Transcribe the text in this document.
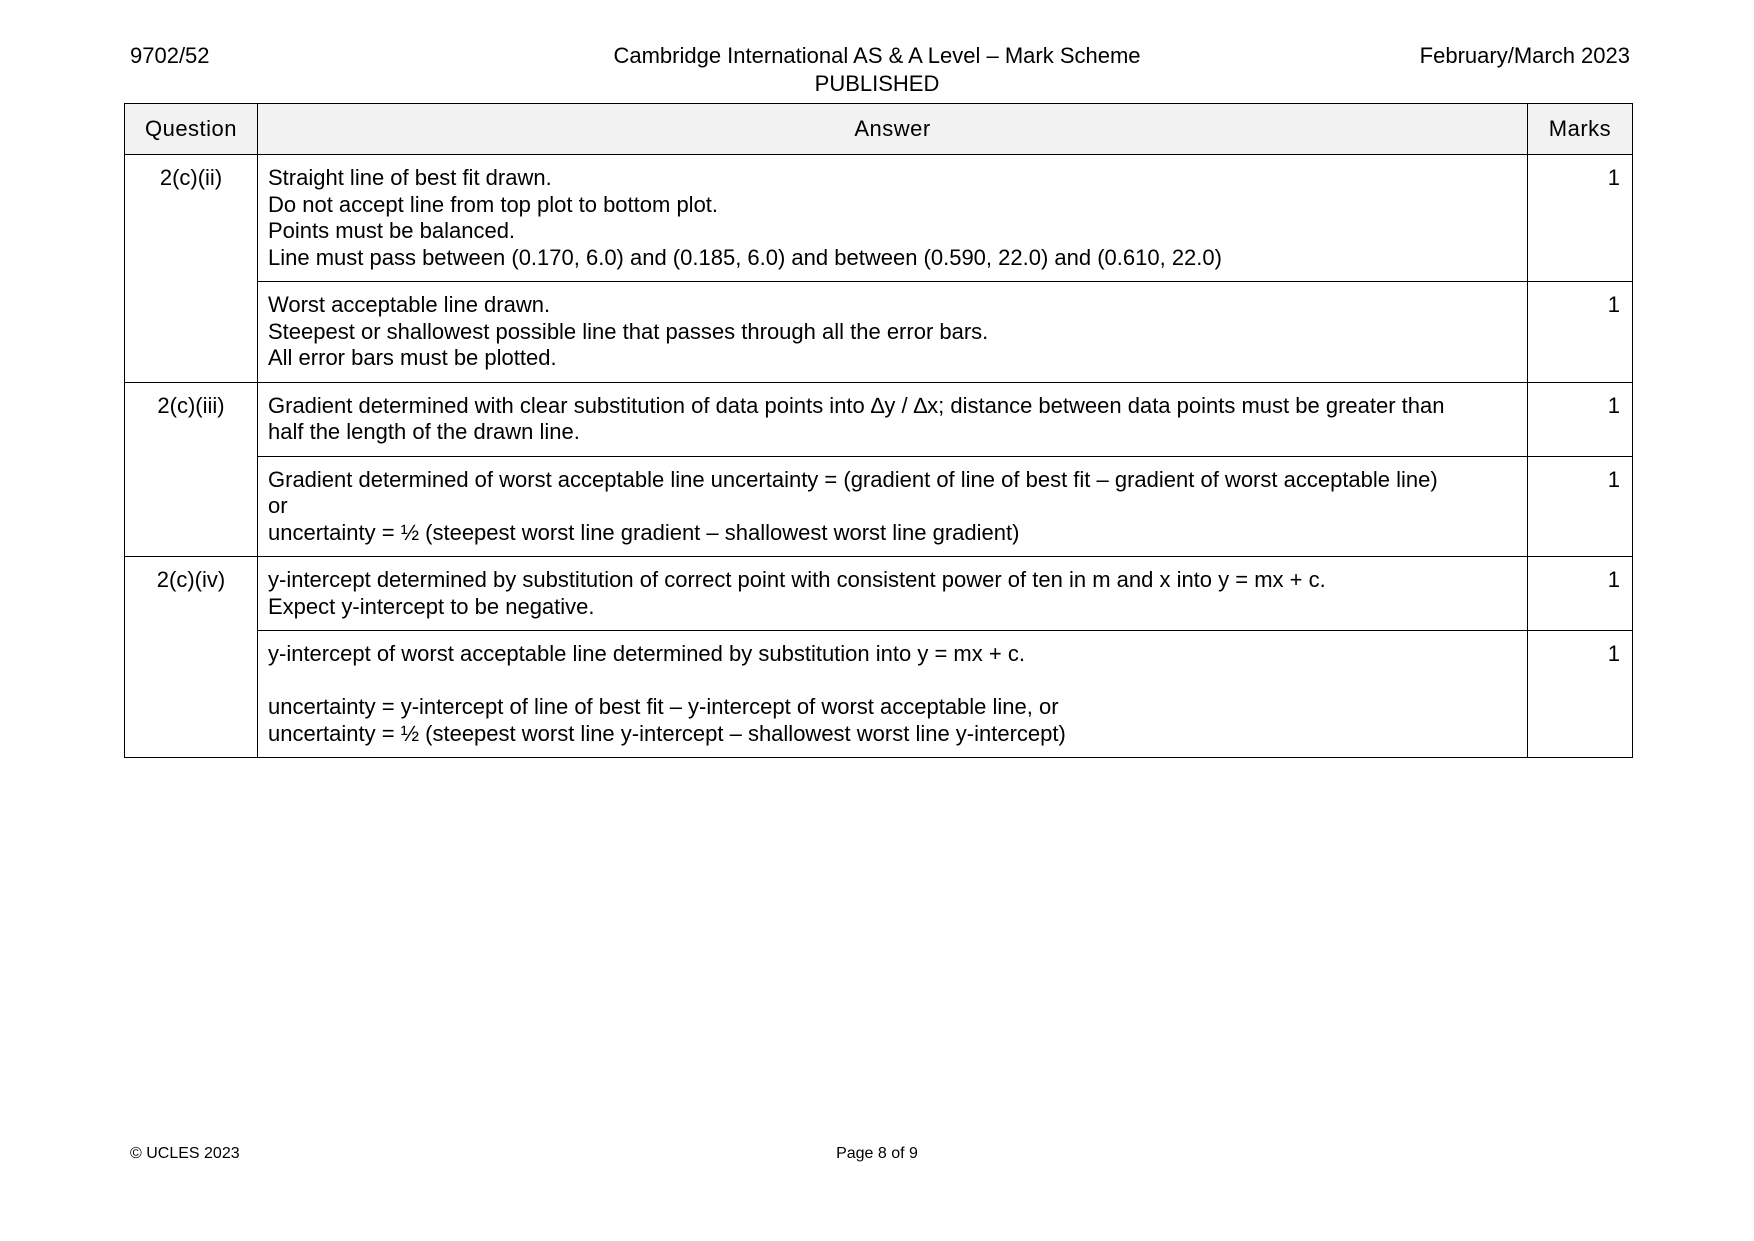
9702/52	Cambridge International AS & A Level – Mark Scheme
PUBLISHED
February/March 2023
Question	Answer	Marks
2(c)(ii)	Straight line of best fit drawn.
Do not accept line from top plot to bottom plot.
Points must be balanced.
Line must pass between (0.170, 6.0) and (0.185, 6.0) and between (0.590, 22.0) and (0.610, 22.0)	1

	Worst acceptable line drawn.
Steepest or shallowest possible line that passes through all the error bars.
All error bars must be plotted.	1
2(c)(iii)	Gradient determined with clear substitution of data points into ∆y / ∆x; distance between data points must be greater than
half the length of the drawn line.	1

	Gradient determined of worst acceptable line uncertainty = (gradient of line of best fit – gradient of worst acceptable line)
or
uncertainty = ½ (steepest worst line gradient – shallowest worst line gradient)	1
2(c)(iv)	y-intercept determined by substitution of correct point with consistent power of ten in m and x into y = mx + c.
Expect y-intercept to be negative.	1

	y-intercept of worst acceptable line determined by substitution into y = mx + c.
uncertainty = y-intercept of line of best fit – y-intercept of worst acceptable line, or
uncertainty = ½ (steepest worst line y-intercept – shallowest worst line y-intercept)	1
© UCLES 2023	Page 8 of 9
